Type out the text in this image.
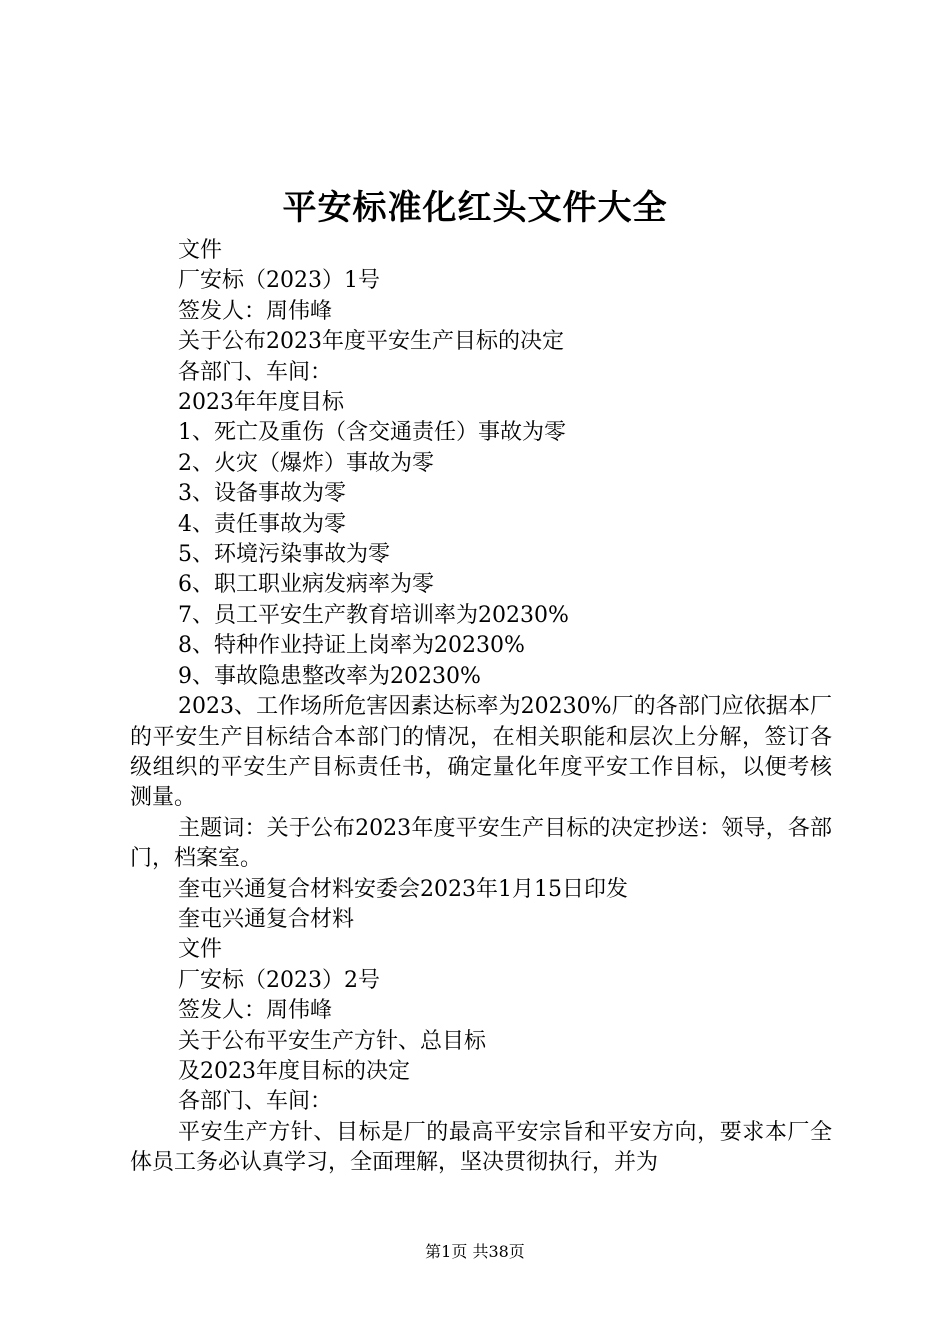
平安标准化红头文件大全
文件
厂安标（2023）1号
签发人：周伟峰
关于公布2023年度平安生产目标的决定
各部门、车间：
2023年年度目标
1、死亡及重伤（含交通责任）事故为零
2、火灾（爆炸）事故为零
3、设备事故为零
4、责任事故为零
5、环境污染事故为零
6、职工职业病发病率为零
7、员工平安生产教育培训率为20230%
8、特种作业持证上岗率为20230%
9、事故隐患整改率为20230%
2023、工作场所危害因素达标率为20230%厂的各部门应依据本厂的平安生产目标结合本部门的情况，在相关职能和层次上分解，签订各级组织的平安生产目标责任书，确定量化年度平安工作目标，以便考核测量。
主题词：关于公布2023年度平安生产目标的决定抄送：领导，各部门，档案室。
奎屯兴通复合材料安委会2023年1月15日印发
奎屯兴通复合材料
文件
厂安标（2023）2号
签发人：周伟峰
关于公布平安生产方针、总目标
及2023年度目标的决定
各部门、车间：
平安生产方针、目标是厂的最高平安宗旨和平安方向，要求本厂全体员工务必认真学习，全面理解，坚决贯彻执行，并为
第1页 共38页
